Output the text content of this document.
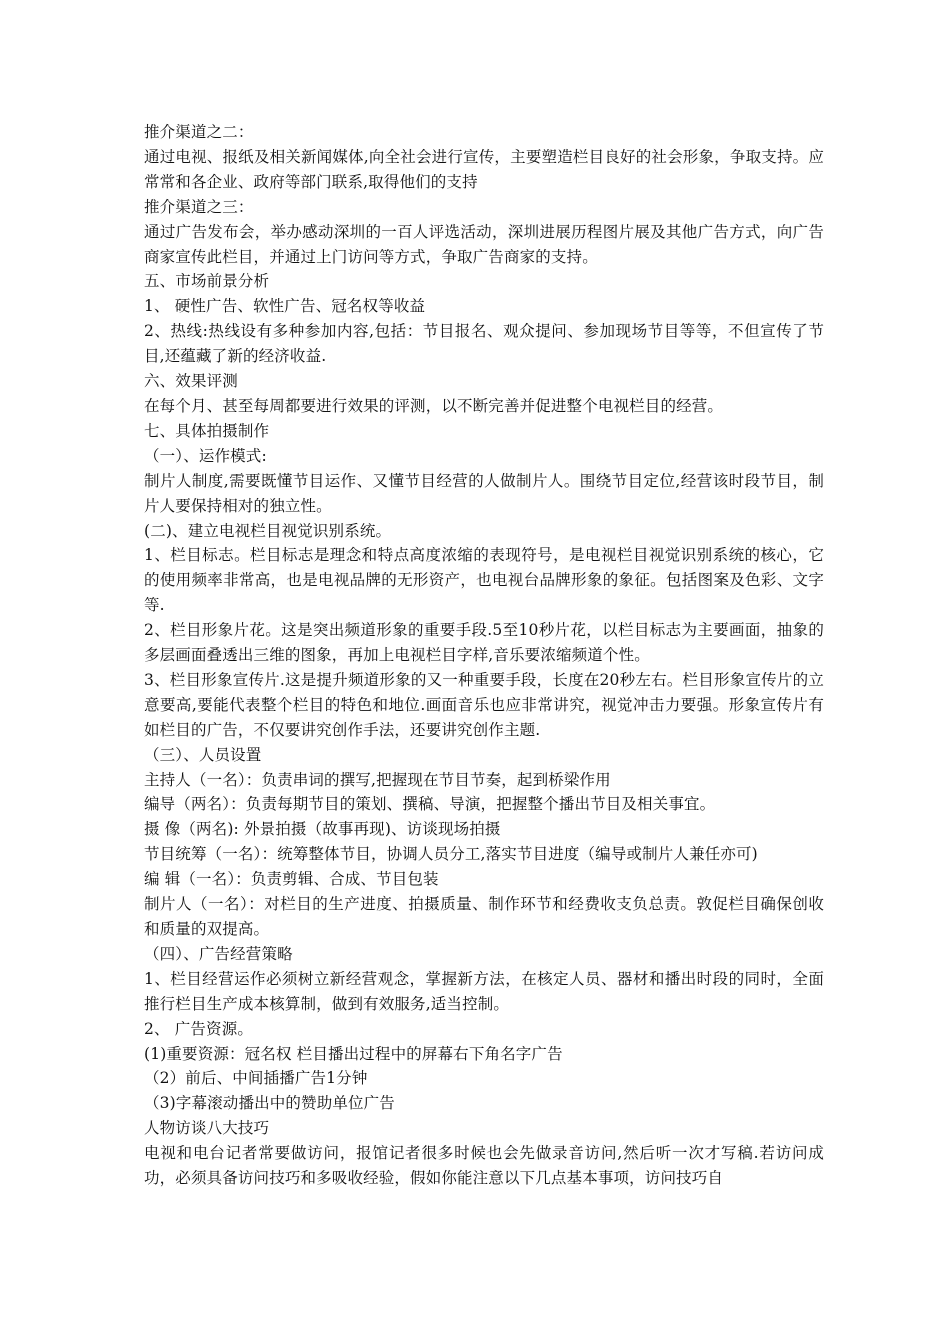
推介渠道之二：

通过电视、报纸及相关新闻媒体,向全社会进行宣传，主要塑造栏目良好的社会形象，争取支持。应常常和各企业、政府等部门联系,取得他们的支持

推介渠道之三：

通过广告发布会，举办感动深圳的一百人评选活动，深圳进展历程图片展及其他广告方式，向广告商家宣传此栏目，并通过上门访问等方式，争取广告商家的支持。

五、市场前景分析

1、 硬性广告、软性广告、冠名权等收益

2、热线:热线设有多种参加内容,包括：节目报名、观众提问、参加现场节目等等，不但宣传了节目,还蕴藏了新的经济收益.

六、效果评测

在每个月、甚至每周都要进行效果的评测，以不断完善并促进整个电视栏目的经营。

七、具体拍摄制作

（一）、运作模式:

制片人制度,需要既懂节目运作、又懂节目经营的人做制片人。围绕节目定位,经营该时段节目，制片人要保持相对的独立性。

(二)、建立电视栏目视觉识别系统。

1、栏目标志。栏目标志是理念和特点高度浓缩的表现符号，是电视栏目视觉识别系统的核心，它的使用频率非常高，也是电视品牌的无形资产，也电视台品牌形象的象征。包括图案及色彩、文字等.

2、栏目形象片花。这是突出频道形象的重要手段.5至10秒片花，以栏目标志为主要画面，抽象的多层画面叠透出三维的图象，再加上电视栏目字样,音乐要浓缩频道个性。

3、栏目形象宣传片.这是提升频道形象的又一种重要手段，长度在20秒左右。栏目形象宣传片的立意要高,要能代表整个栏目的特色和地位.画面音乐也应非常讲究，视觉冲击力要强。形象宣传片有如栏目的广告，不仅要讲究创作手法，还要讲究创作主题.

（三）、人员设置

主持人（一名）：负责串词的撰写,把握现在节目节奏，起到桥梁作用

编导（两名）：负责每期节目的策划、撰稿、导演，把握整个播出节目及相关事宜。

摄 像（两名): 外景拍摄（故事再现)、访谈现场拍摄

节目统筹（一名）：统筹整体节目，协调人员分工,落实节目进度（编导或制片人兼任亦可)

编 辑（一名）：负责剪辑、合成、节目包装

制片人（一名）：对栏目的生产进度、拍摄质量、制作环节和经费收支负总责。敦促栏目确保创收和质量的双提高。

（四）、广告经营策略

1、栏目经营运作必须树立新经营观念，掌握新方法，在核定人员、器材和播出时段的同时，全面推行栏目生产成本核算制，做到有效服务,适当控制。

2、 广告资源。

(1)重要资源：冠名权 栏目播出过程中的屏幕右下角名字广告

（2）前后、中间插播广告1分钟

（3)字幕滚动播出中的赞助单位广告

人物访谈八大技巧

电视和电台记者常要做访问，报馆记者很多时候也会先做录音访问,然后听一次才写稿.若访问成功，必须具备访问技巧和多吸收经验，假如你能注意以下几点基本事项，访问技巧自
